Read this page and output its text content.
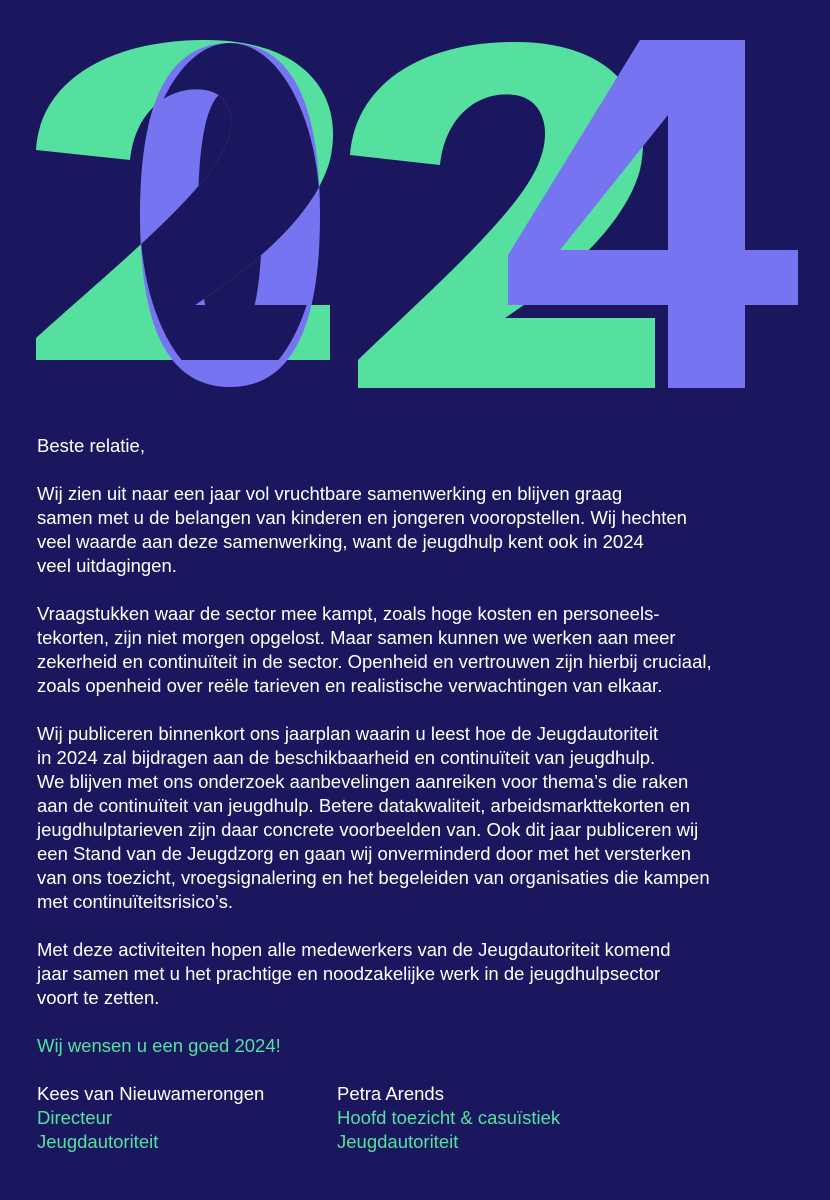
Beste relatie,
Wij zien uit naar een jaar vol vruchtbare samenwerking en blijven graag
samen met u de belangen van kinderen en jongeren vooropstellen. Wij hechten
veel waarde aan deze samenwerking, want de jeugdhulp kent ook in 2024
veel uitdagingen.
Vraagstukken waar de sector mee kampt, zoals hoge kosten en personeels-
tekorten, zijn niet morgen opgelost. Maar samen kunnen we werken aan meer
zekerheid en continuïteit in de sector. Openheid en vertrouwen zijn hierbij cruciaal,
zoals openheid over reële tarieven en realistische verwachtingen van elkaar.
Wij publiceren binnenkort ons jaarplan waarin u leest hoe de Jeugdautoriteit
in 2024 zal bijdragen aan de beschikbaarheid en continuïteit van jeugdhulp.
We blijven met ons onderzoek aanbevelingen aanreiken voor thema’s die raken
aan de continuïteit van jeugdhulp. Betere datakwaliteit, arbeidsmarkttekorten en
jeugdhulptarieven zijn daar concrete voorbeelden van. Ook dit jaar publiceren wij
een Stand van de Jeugdzorg en gaan wij onverminderd door met het versterken
van ons toezicht, vroegsignalering en het begeleiden van organisaties die kampen
met continuïteitsrisico’s.
Met deze activiteiten hopen alle medewerkers van de Jeugdautoriteit komend
jaar samen met u het prachtige en noodzakelijke werk in de jeugdhulpsector
voort te zetten.
Wij wensen u een goed 2024!
Kees van Nieuwamerongen
Directeur
Jeugdautoriteit
Petra Arends
Hoofd toezicht & casuïstiek
Jeugdautoriteit
